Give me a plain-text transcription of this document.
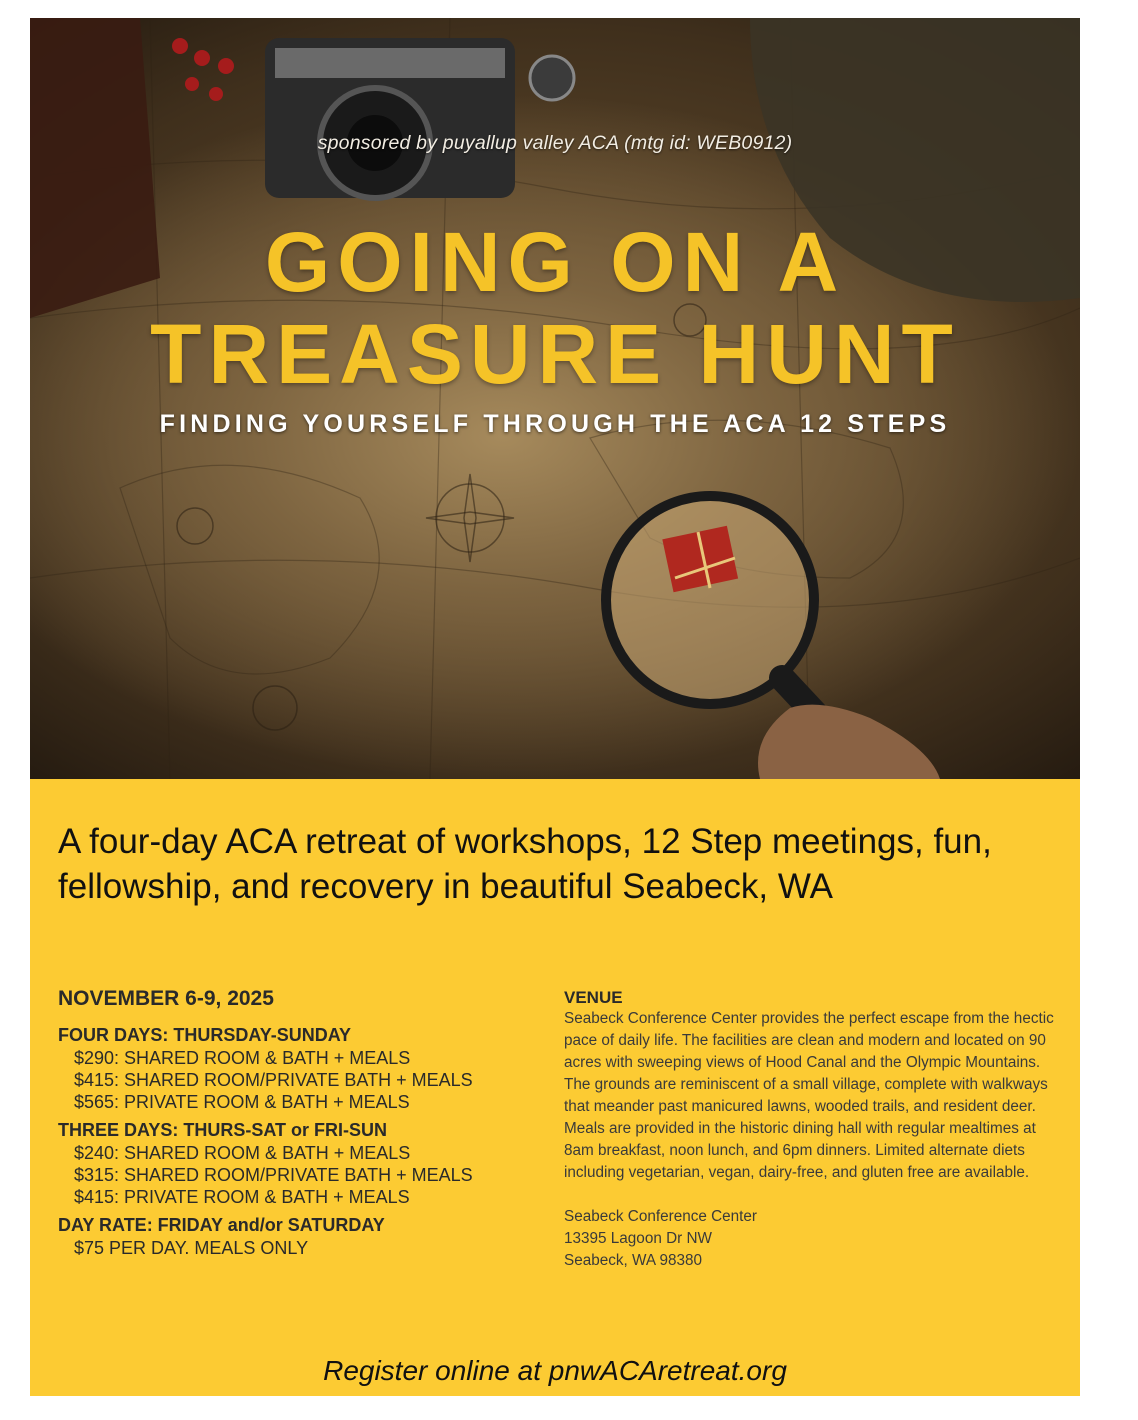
sponsored by puyallup valley ACA (mtg id: WEB0912)
GOING ON A
TREASURE HUNT
FINDING YOURSELF THROUGH THE ACA 12 STEPS
A four-day ACA retreat of workshops, 12 Step meetings, fun, fellowship, and recovery in beautiful Seabeck, WA
NOVEMBER 6-9, 2025
FOUR DAYS: THURSDAY-SUNDAY
$290: SHARED ROOM & BATH + MEALS
$415: SHARED ROOM/PRIVATE BATH + MEALS
$565: PRIVATE ROOM & BATH + MEALS
THREE DAYS: THURS-SAT or FRI-SUN
$240: SHARED ROOM & BATH + MEALS
$315: SHARED ROOM/PRIVATE BATH + MEALS
$415: PRIVATE ROOM & BATH + MEALS
DAY RATE: FRIDAY and/or SATURDAY
$75 PER DAY. MEALS ONLY
VENUE
Seabeck Conference Center provides the perfect escape from the hectic pace of daily life. The facilities are clean and modern and located on 90 acres with sweeping views of Hood Canal and the Olympic Mountains. The grounds are reminiscent of a small village, complete with walkways that meander past manicured lawns, wooded trails, and resident deer. Meals are provided in the historic dining hall with regular mealtimes at 8am breakfast, noon lunch, and 6pm dinners. Limited alternate diets including vegetarian, vegan, dairy-free, and gluten free are available.
Seabeck Conference Center
13395 Lagoon Dr NW
Seabeck, WA 98380
Register online at pnwACAretreat.org
